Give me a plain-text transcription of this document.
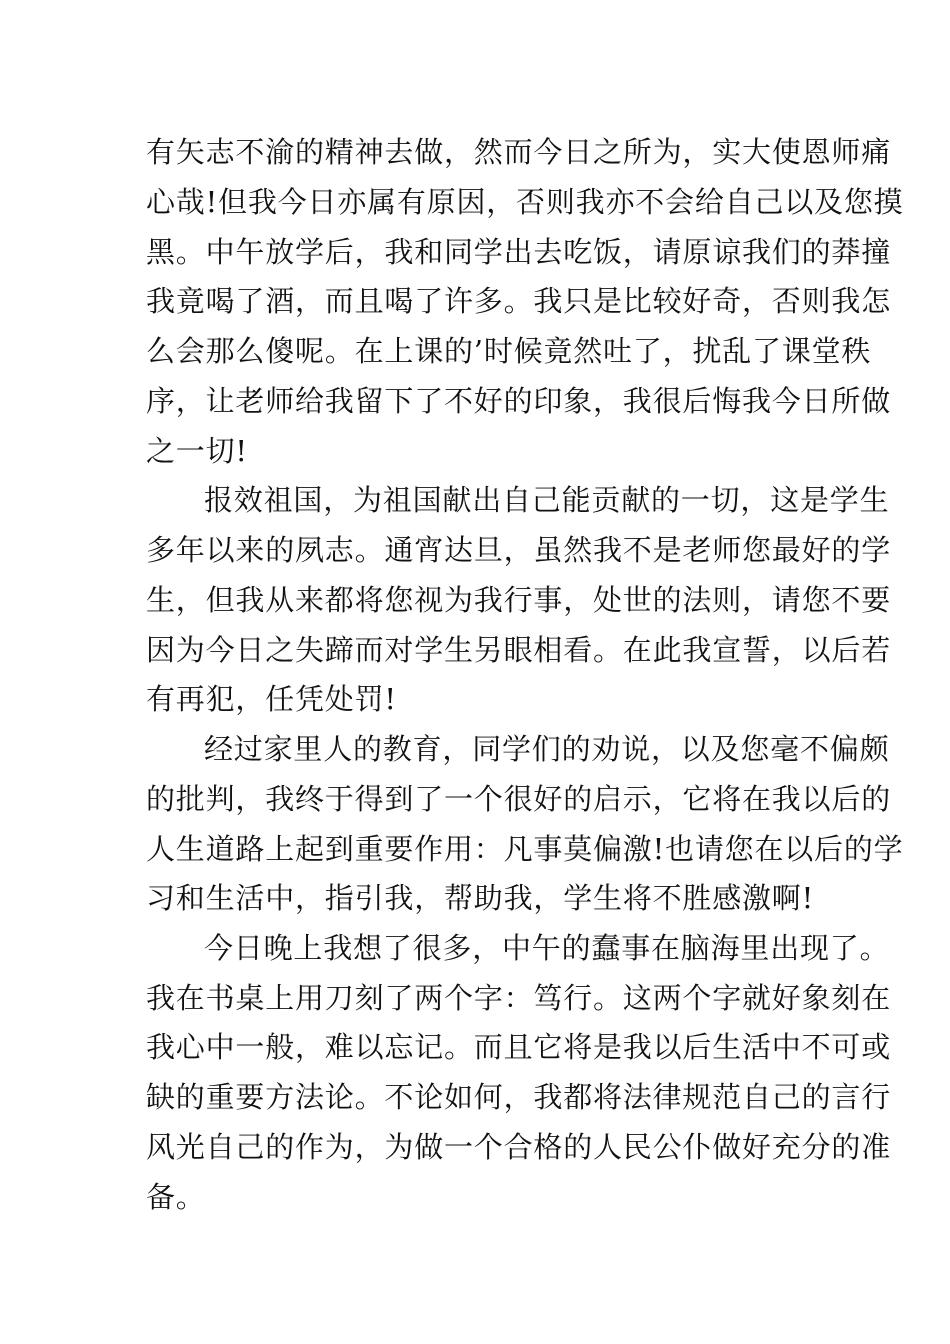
有矢志不渝的精神去做，然而今日之所为，实大使恩师痛
心哉!但我今日亦属有原因，否则我亦不会给自己以及您摸
黑。中午放学后，我和同学出去吃饭，请原谅我们的莽撞
我竟喝了酒，而且喝了许多。我只是比较好奇，否则我怎
么会那么傻呢。在上课的’时候竟然吐了，扰乱了课堂秩
序，让老师给我留下了不好的印象，我很后悔我今日所做
之一切!
报效祖国，为祖国献出自己能贡献的一切，这是学生
多年以来的夙志。通宵达旦，虽然我不是老师您最好的学
生，但我从来都将您视为我行事，处世的法则，请您不要
因为今日之失蹄而对学生另眼相看。在此我宣誓，以后若
有再犯，任凭处罚!
经过家里人的教育，同学们的劝说，以及您毫不偏颇
的批判，我终于得到了一个很好的启示，它将在我以后的
人生道路上起到重要作用：凡事莫偏激!也请您在以后的学
习和生活中，指引我，帮助我，学生将不胜感激啊!
今日晚上我想了很多，中午的蠢事在脑海里出现了。
我在书桌上用刀刻了两个字：笃行。这两个字就好象刻在
我心中一般，难以忘记。而且它将是我以后生活中不可或
缺的重要方法论。不论如何，我都将法律规范自己的言行
风光自己的作为，为做一个合格的人民公仆做好充分的准
备。
